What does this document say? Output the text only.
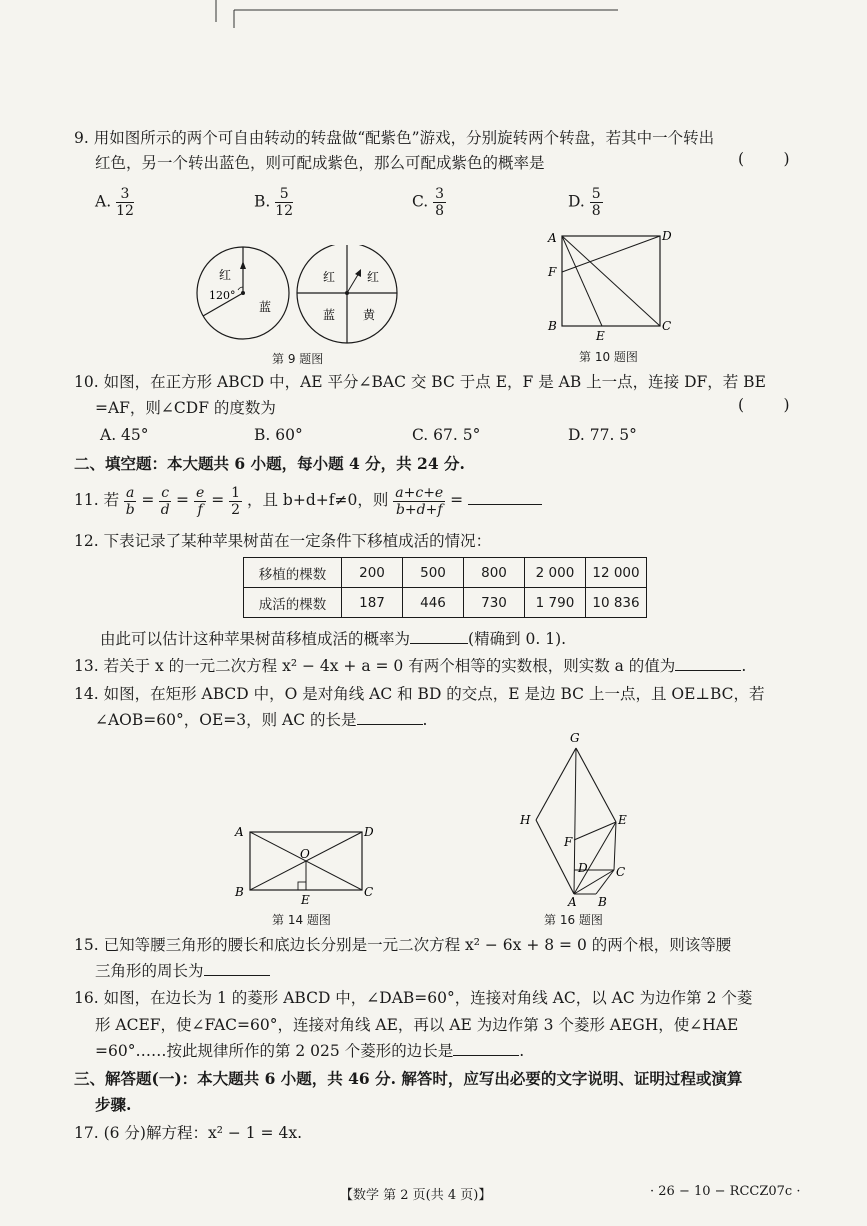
9. 用如图所示的两个可自由转动的转盘做“配紫色”游戏，分别旋转两个转盘，若其中一个转出
红色，另一个转出蓝色，则可配成紫色，那么可配成紫色的概率是	(        )
A. $\frac{3}{12}$	B. $\frac{5}{12}$	C. $\frac{3}{8}$	D. $\frac{5}{8}$
红
120°
蓝
红	红
蓝 黄
第 9 题图
A	D
F
B
E
C
第 10 题图
10. 如图，在正方形 ABCD 中，AE 平分∠BAC 交 BC 于点 E，F 是 AB 上一点，连接 DF，若 BE
=AF，则∠CDF 的度数为	(        )
A. 45°	B. 60°	C. 67. 5°	D. 77. 5°
二、填空题：本大题共 6 小题，每小题 4 分，共 24 分.
11. 若 $\frac{a}{b} = \frac{c}{d} = \frac{e}{f} = \frac{1}{2}$ ，且 b+d+f≠0，则 $\frac{a+c+e}{b+d+f}$ =
12. 下表记录了某种苹果树苗在一定条件下移植成活的情况：
移植的棵数	200	500	800	2 000	12 000
成活的棵数	187	446	730	1 790	10 836
由此可以估计这种苹果树苗移植成活的概率为	(精确到 0. 1).
13. 若关于 x 的一元二次方程 x² − 4x + a = 0 有两个相等的实数根，则实数 a 的值为	.
14. 如图，在矩形 ABCD 中，O 是对角线 AC 和 BD 的交点，E 是边 BC 上一点，且 OE⊥BC，若
∠AOB=60°，OE=3，则 AC 的长是	.
A	D
O
B
E
C
第 14 题图
G
H	E
F
D C
A B
第 16 题图
15. 已知等腰三角形的腰长和底边长分别是一元二次方程 x² − 6x + 8 = 0 的两个根，则该等腰
三角形的周长为
16. 如图，在边长为 1 的菱形 ABCD 中，∠DAB=60°，连接对角线 AC，以 AC 为边作第 2 个菱
形 ACEF，使∠FAC=60°，连接对角线 AE，再以 AE 为边作第 3 个菱形 AEGH，使∠HAE
=60°……按此规律所作的第 2 025 个菱形的边长是	.
三、解答题(一)：本大题共 6 小题，共 46 分. 解答时，应写出必要的文字说明、证明过程或演算
步骤.
17. (6 分)解方程：x² − 1 = 4x.
【数学 第 2 页(共 4 页)】	· 26 − 10 − RCCZ07c ·
